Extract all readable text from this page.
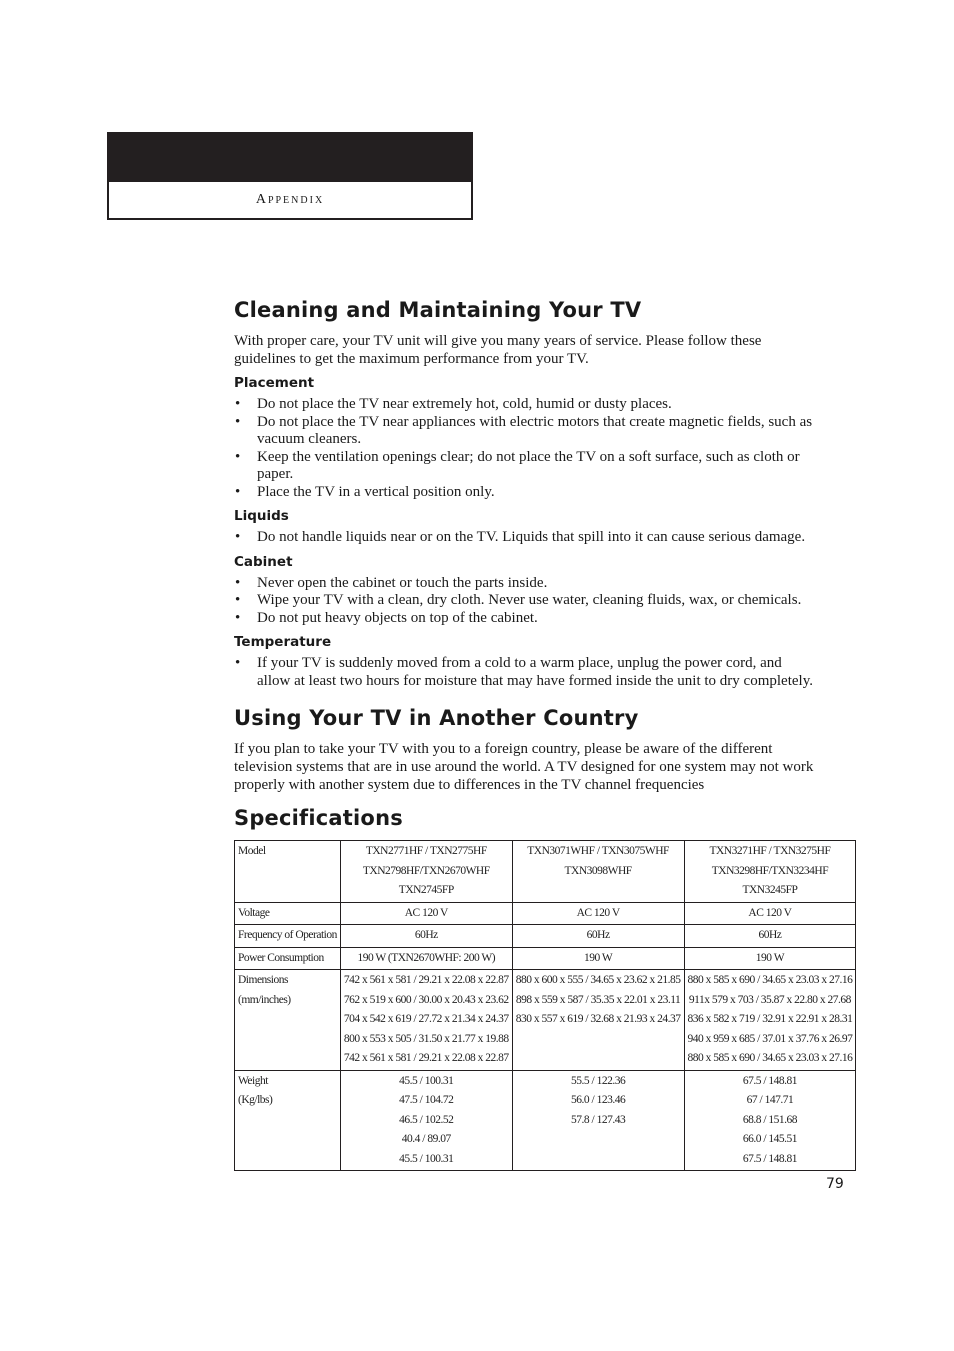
Appendix
Cleaning and Maintaining Your TV

With proper care, your TV unit will give you many years of service. Please follow these guidelines to get the maximum performance from your TV.

Placement
• Do not place the TV near extremely hot, cold, humid or dusty places.
• Do not place the TV near appliances with electric motors that create magnetic fields, such as vacuum cleaners.
• Keep the ventilation openings clear; do not place the TV on a soft surface, such as cloth or paper.
• Place the TV in a vertical position only.
Liquids
• Do not handle liquids near or on the TV. Liquids that spill into it can cause serious damage.
Cabinet
• Never open the cabinet or touch the parts inside.
• Wipe your TV with a clean, dry cloth. Never use water, cleaning fluids, wax, or chemicals.
• Do not put heavy objects on top of the cabinet.
Temperature
• If your TV is suddenly moved from a cold to a warm place, unplug the power cord, and allow at least two hours for moisture that may have formed inside the unit to dry completely.
Using Your TV in Another Country

If you plan to take your TV with you to a foreign country, please be aware of the different television systems that are in use around the world. A TV designed for one system may not work properly with another system due to differences in the TV channel frequencies

Specifications
Model	TXN2771HF / TXN2775HF
TXN2798HF/TXN2670WHF
TXN2745FP	TXN3071WHF / TXN3075WHF
TXN3098WHF	TXN3271HF / TXN3275HF
TXN3298HF/TXN3234HF
TXN3245FP

Voltage	AC 120 V	AC 120 V	AC 120 V

Frequency of Operation	60Hz	60Hz	60Hz

Power Consumption	190 W (TXN2670WHF: 200 W)	190 W	190 W

Dimensions
(mm/inches)	742 x 561 x 581 / 29.21 x 22.08 x 22.87
762 x 519 x 600 / 30.00 x 20.43 x 23.62
704 x 542 x 619 / 27.72 x 21.34 x 24.37
800 x 553 x 505 / 31.50 x 21.77 x 19.88
742 x 561 x 581 / 29.21 x 22.08 x 22.87	880 x 600 x 555 / 34.65 x 23.62 x 21.85
898 x 559 x 587 / 35.35 x 22.01 x 23.11
830 x 557 x 619 / 32.68 x 21.93 x 24.37	880 x 585 x 690 / 34.65 x 23.03 x 27.16
911x 579 x 703 / 35.87 x 22.80 x 27.68
836 x 582 x 719 / 32.91 x 22.91 x 28.31
940 x 959 x 685 / 37.01 x 37.76 x 26.97
880 x 585 x 690 / 34.65 x 23.03 x 27.16

Weight
(Kg/lbs)	45.5 / 100.31
47.5 / 104.72
46.5 / 102.52
40.4 / 89.07
45.5 / 100.31	55.5 / 122.36
56.0 / 123.46
57.8 / 127.43	67.5 / 148.81
67 / 147.71
68.8 / 151.68
66.0 / 145.51
67.5 / 148.81
79
